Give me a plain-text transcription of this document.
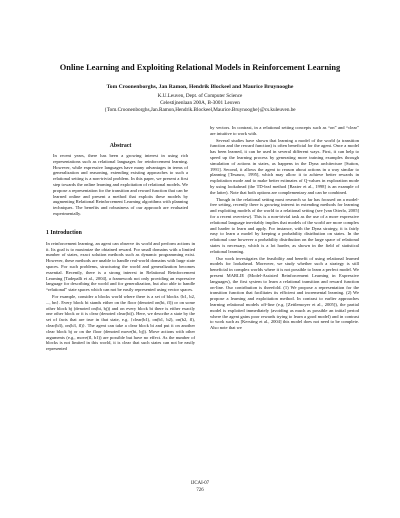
Online Learning and Exploiting Relational Models in Reinforcement Learning
Tom Croonenborghs, Jan Ramon, Hendrik Blockeel and Maurice Bruynooghe
K.U.Leuven, Dept. of Computer Science
Celestijnenlaan 200A, B-3001 Leuven
{Tom.Croonenborghs,Jan.Ramon,Hendrik.Blockeel,Maurice.Bruynooghe}@cs.kuleuven.be

Abstract

In recent years, there has been a growing interest in using rich representations such as relational languages for reinforcement learning. However, while expressive languages have many advantages in terms of generalization and reasoning, extending existing approaches to such a relational setting is a non-trivial problem. In this paper, we present a first step towards the online learning and exploitation of relational models. We propose a representation for the transition and reward function that can be learned online and present a method that exploits these models by augmenting Relational Reinforcement Learning algorithms with planning techniques. The benefits and robustness of our approach are evaluated experimentally.

1 Introduction

In reinforcement learning, an agent can observe its world and perform actions in it. Its goal is to maximize the obtained reward. For small domains with a limited number of states, exact solution methods such as dynamic programming exist. However, these methods are unable to handle real-world domains with large state spaces. For such problems, structuring the world and generalization becomes essential. Recently, there is a strong interest in Relational Reinforcement Learning [Tadepalli et al., 2004], a framework not only providing an expressive language for describing the world and for generalization, but also able to handle “relational” state spaces which can not be easily represented using vector spaces.

For example, consider a blocks world where there is a set of blocks {b1, b2, ..., bn}. Every block bi stands either on the floor (denoted on(bi, fl)) or on some other block bj (denoted on(bi, bj)) and on every block bi there is either exactly one other block or it is clear (denoted clear(bi)). Here, we describe a state by the set of facts that are true in that state, e.g. {clear(b1), on(b1, b2), on(b2, fl), clear(b3), on(b3, fl)}. The agent can take a clear block bi and put it on another clear block bj or on the floor (denoted move(bi, bj)). Move actions with other arguments (e.g., move(fl, b1)) are possible but have no effect. As the number of blocks is not limited in this world, it is clear that such states can not be easily represented

by vectors. In contrast, in a relational setting concepts such as “on” and “clear” are intuitive to work with.

Several studies have shown that learning a model of the world (a transition function and the reward function) is often beneficial for the agent. Once a model has been learned, it can be used in several different ways. First, it can help to speed up the learning process by generating more training examples through simulation of actions in states, as happens in the Dyna architecture [Sutton, 1991]. Second, it allows the agent to reason about actions in a way similar to planning [Tesauro, 1995], which may allow it to achieve better rewards in exploitation mode and to make better estimates of Q-values in exploration mode by using lookahead (the TD-leaf method [Baxter et al., 1998] is an example of the latter). Note that both options are complementary and can be combined.

Though in the relational setting most research so far has focused on a model-free setting, recently there is growing interest in extending methods for learning and exploiting models of the world to a relational setting (see [van Otterlo, 2005] for a recent overview). This is a non-trivial task as the use of a more expressive relational language inevitably implies that models of the world are more complex and harder to learn and apply. For instance, with the Dyna strategy, it is fairly easy to learn a model by keeping a probability distribution on states. In the relational case however a probability distribution on the large space of relational states is necessary, which is a lot harder, as shown in the field of statistical relational learning.

Our work investigates the feasibility and benefit of using relational learned models for lookahead. Moreover, we study whether such a strategy is still beneficial in complex worlds where it is not possible to learn a perfect model. We present MARLIE (Model-Assisted Reinforcement Learning in Expressive languages), the first system to learn a relational transition and reward function on-line. Our contribution is threefold. (1) We propose a representation for the transition function that facilitates its efficient and incremental learning. (2) We propose a learning and exploitation method. In contrast to earlier approaches learning relational models off-line (e.g. [Zettlemoyer et al., 2005]), the partial model is exploited immediately (avoiding as much as possible an initial period where the agent gains poor rewards trying to learn a good model) and in contrast to work such as [Kersting et al., 2004] this model does not need to be complete. Also note that we

IJCAI-07
726
